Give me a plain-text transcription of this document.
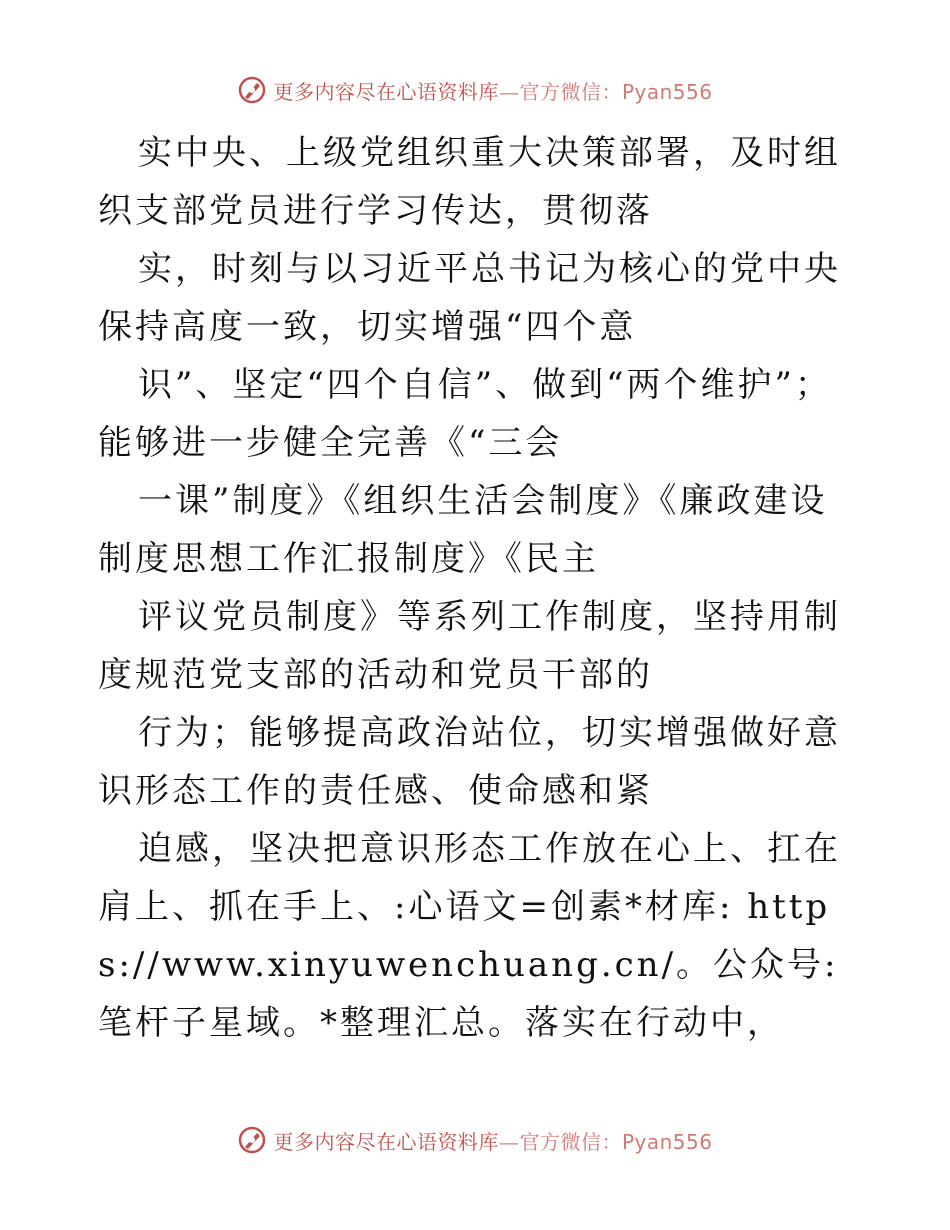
更多内容尽在心语资料库—官方微信：Pyan556

实中央、上级党组织重大决策部署，及时组织支部党员进行学习传达，贯彻落

实，时刻与以习近平总书记为核心的党中央保持高度一致，切实增强“四个意

识”、坚定“四个自信”、做到“两个维护”；能够进一步健全完善《“三会

一课”制度》《组织生活会制度》《廉政建设制度思想工作汇报制度》《民主

评议党员制度》等系列工作制度，坚持用制度规范党支部的活动和党员干部的

行为；能够提高政治站位，切实增强做好意识形态工作的责任感、使命感和紧

迫感，坚决把意识形态工作放在心上、扛在肩上、抓在手上、:心语文=创素*材库: https://www.xinyuwenchuang.cn/。公众号: 笔杆子星域。*整理汇总。落实在行动中，

更多内容尽在心语资料库—官方微信：Pyan556
